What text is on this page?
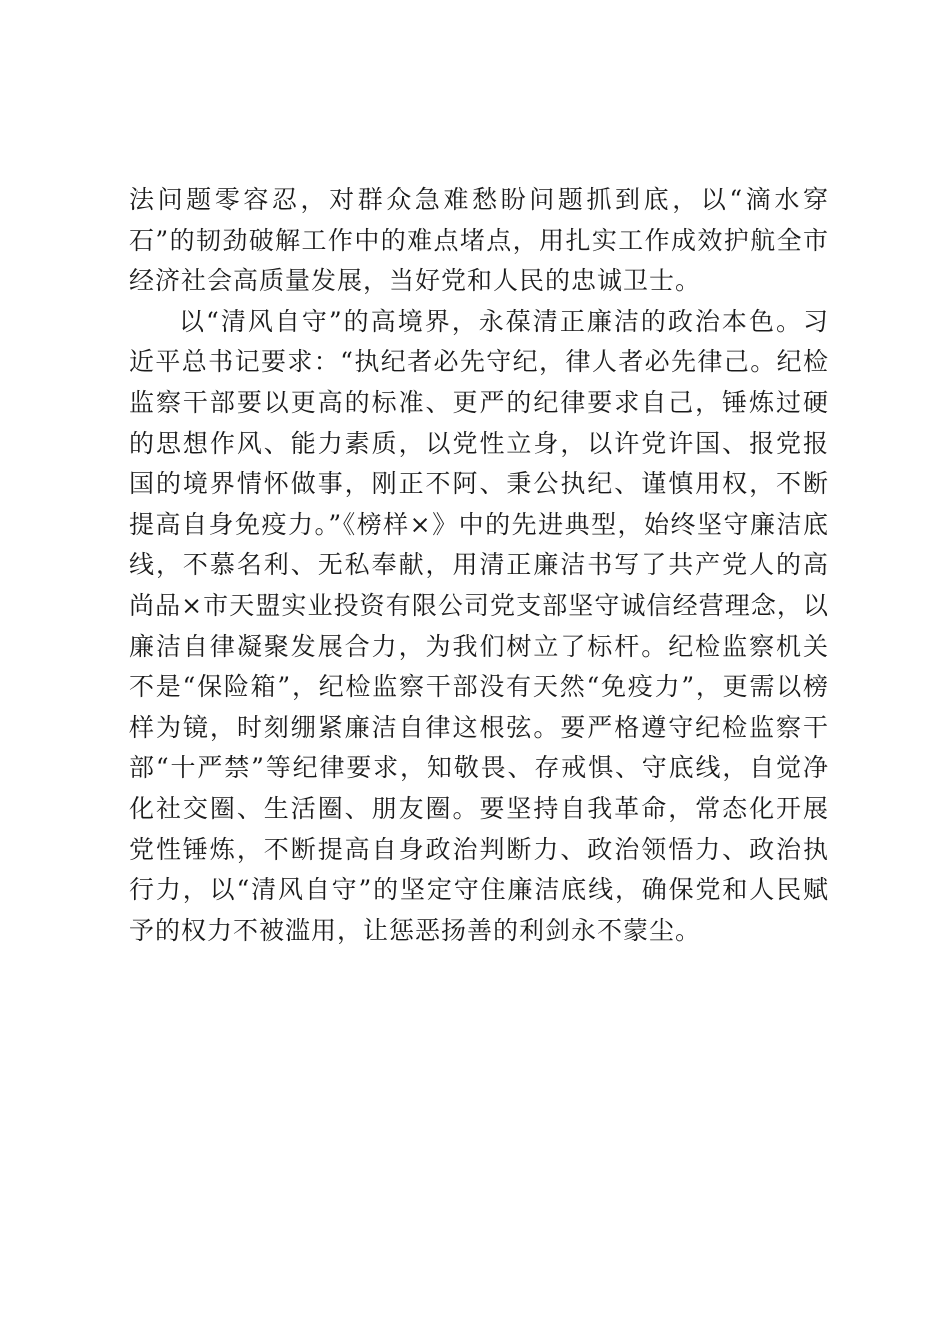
法问题零容忍，对群众急难愁盼问题抓到底，以“滴水穿石”的韧劲破解工作中的难点堵点，用扎实工作成效护航全市经济社会高质量发展，当好党和人民的忠诚卫士。

以“清风自守”的高境界，永葆清正廉洁的政治本色。习近平总书记要求：“执纪者必先守纪，律人者必先律己。纪检监察干部要以更高的标准、更严的纪律要求自己，锤炼过硬的思想作风、能力素质，以党性立身，以许党许国、报党报国的境界情怀做事，刚正不阿、秉公执纪、谨慎用权，不断提高自身免疫力。”《榜样×》中的先进典型，始终坚守廉洁底线，不慕名利、无私奉献，用清正廉洁书写了共产党人的高尚品×市天盟实业投资有限公司党支部坚守诚信经营理念，以廉洁自律凝聚发展合力，为我们树立了标杆。纪检监察机关不是“保险箱”，纪检监察干部没有天然“免疫力”，更需以榜样为镜，时刻绷紧廉洁自律这根弦。要严格遵守纪检监察干部“十严禁”等纪律要求，知敬畏、存戒惧、守底线，自觉净化社交圈、生活圈、朋友圈。要坚持自我革命，常态化开展党性锤炼，不断提高自身政治判断力、政治领悟力、政治执行力，以“清风自守”的坚定守住廉洁底线，确保党和人民赋予的权力不被滥用，让惩恶扬善的利剑永不蒙尘。
